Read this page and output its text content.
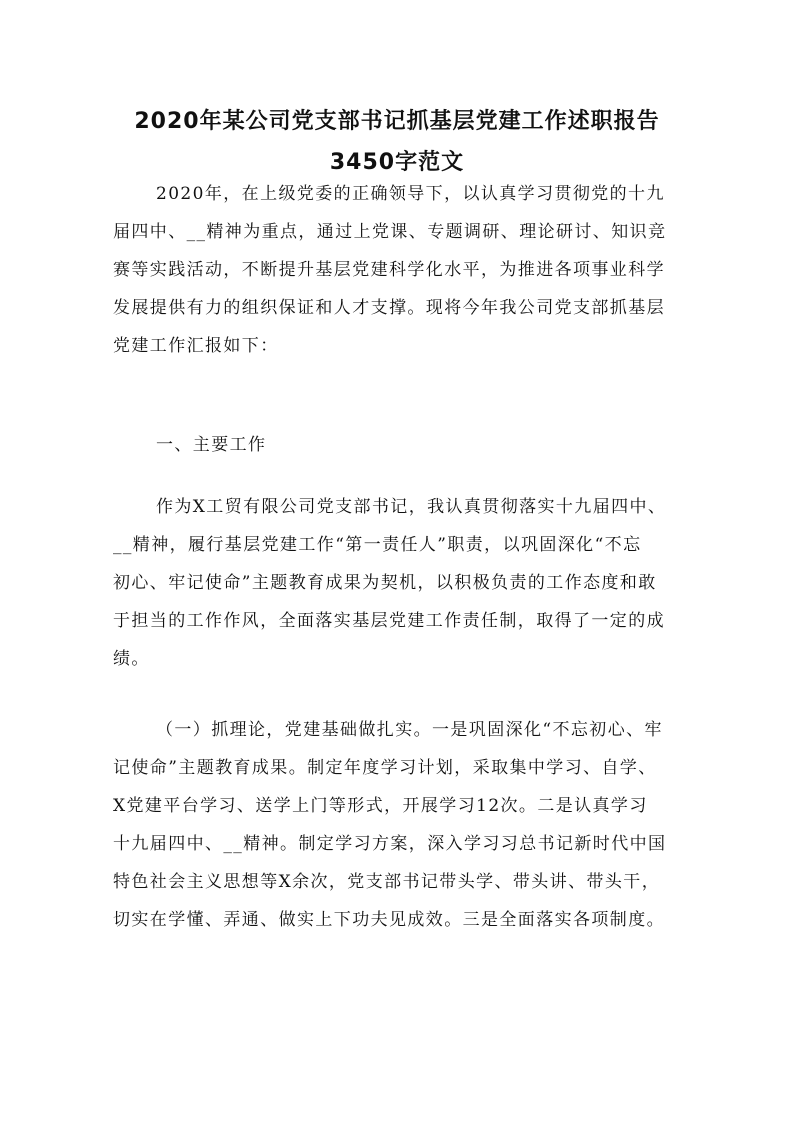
2020年某公司党支部书记抓基层党建工作述职报告
3450字范文

2020年，在上级党委的正确领导下，以认真学习贯彻党的十九
届四中、__精神为重点，通过上党课、专题调研、理论研讨、知识竞
赛等实践活动，不断提升基层党建科学化水平，为推进各项事业科学
发展提供有力的组织保证和人才支撑。现将今年我公司党支部抓基层
党建工作汇报如下：

一、主要工作

作为X工贸有限公司党支部书记，我认真贯彻落实十九届四中、
__精神，履行基层党建工作“第一责任人”职责，以巩固深化“不忘
初心、牢记使命”主题教育成果为契机，以积极负责的工作态度和敢
于担当的工作作风，全面落实基层党建工作责任制，取得了一定的成
绩。

（一）抓理论，党建基础做扎实。一是巩固深化“不忘初心、牢
记使命”主题教育成果。制定年度学习计划，采取集中学习、自学、
X党建平台学习、送学上门等形式，开展学习12次。二是认真学习
十九届四中、__精神。制定学习方案，深入学习习总书记新时代中国
特色社会主义思想等X余次，党支部书记带头学、带头讲、带头干，
切实在学懂、弄通、做实上下功夫见成效。三是全面落实各项制度。
